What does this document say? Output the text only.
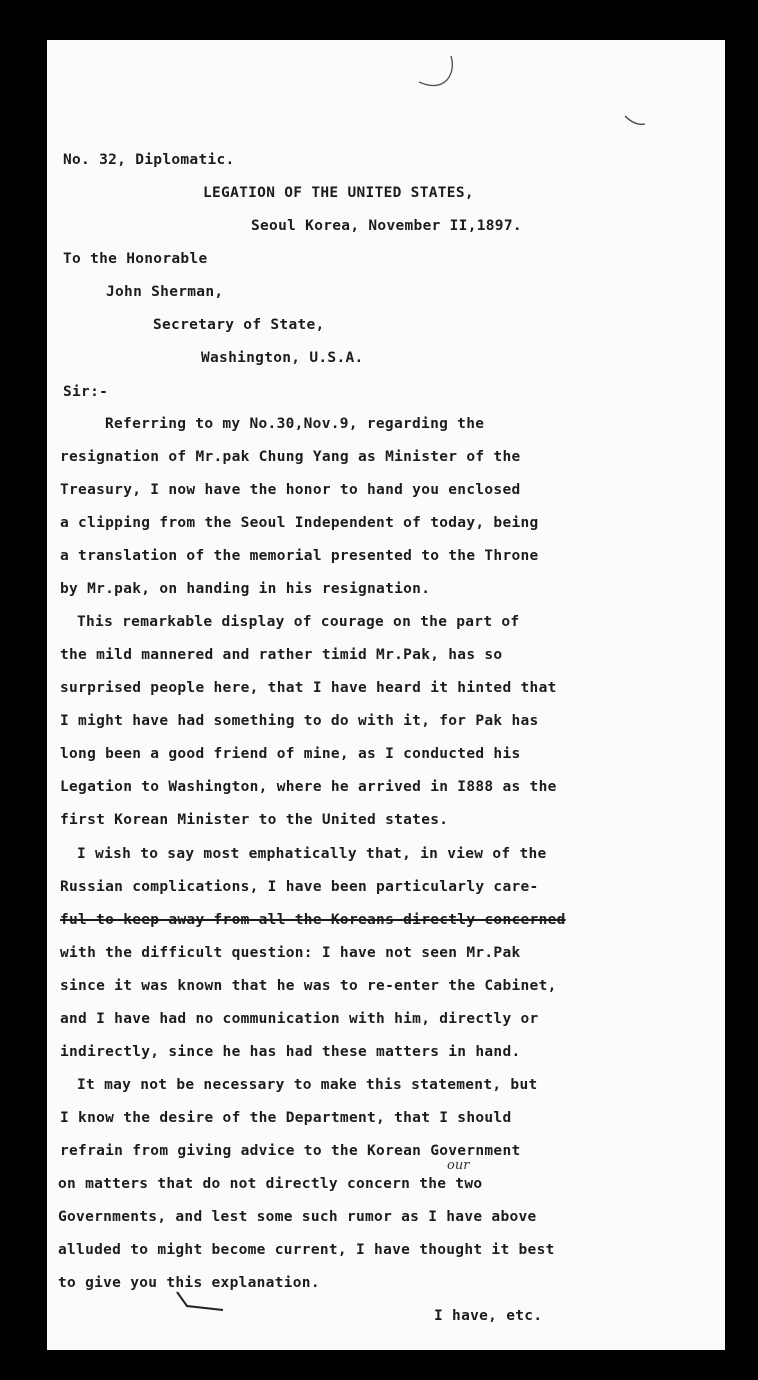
No. 32, Diplomatic.
LEGATION OF THE UNITED STATES,
Seoul Korea, November II,1897.
To the Honorable
John Sherman,
Secretary of State,
Washington, U.S.A.
Sir:-
Referring to my No.30,Nov.9, regarding the
resignation of Mr.pak Chung Yang as Minister of the
Treasury, I now have the honor to hand you enclosed
a clipping from the Seoul Independent of today, being
a translation of the memorial presented to the Throne
by Mr.pak, on handing in his resignation.
This remarkable display of courage on the part of
the mild mannered and rather timid Mr.Pak, has so
surprised people here, that I have heard it hinted that
I might have had something to do with it, for Pak has
long been a good friend of mine, as I conducted his
Legation to Washington, where he arrived in I888 as the
first Korean Minister to the United states.
I wish to say most emphatically that, in view of the
Russian complications, I have been particularly care-
ful to keep away from all the Koreans directly concerned
with the difficult question: I have not seen Mr.Pak
since it was known that he was to re-enter the Cabinet,
and I have had no communication with him, directly or
indirectly, since he has had these matters in hand.
It may not be necessary to make this statement, but
I know the desire of the Department, that I should
refrain from giving advice to the Korean Government
on matters that do not directly concern the two
Governments, and lest some such rumor as I have above
alluded to might become current, I have thought it best
to give you this explanation.
our
I have, etc.
